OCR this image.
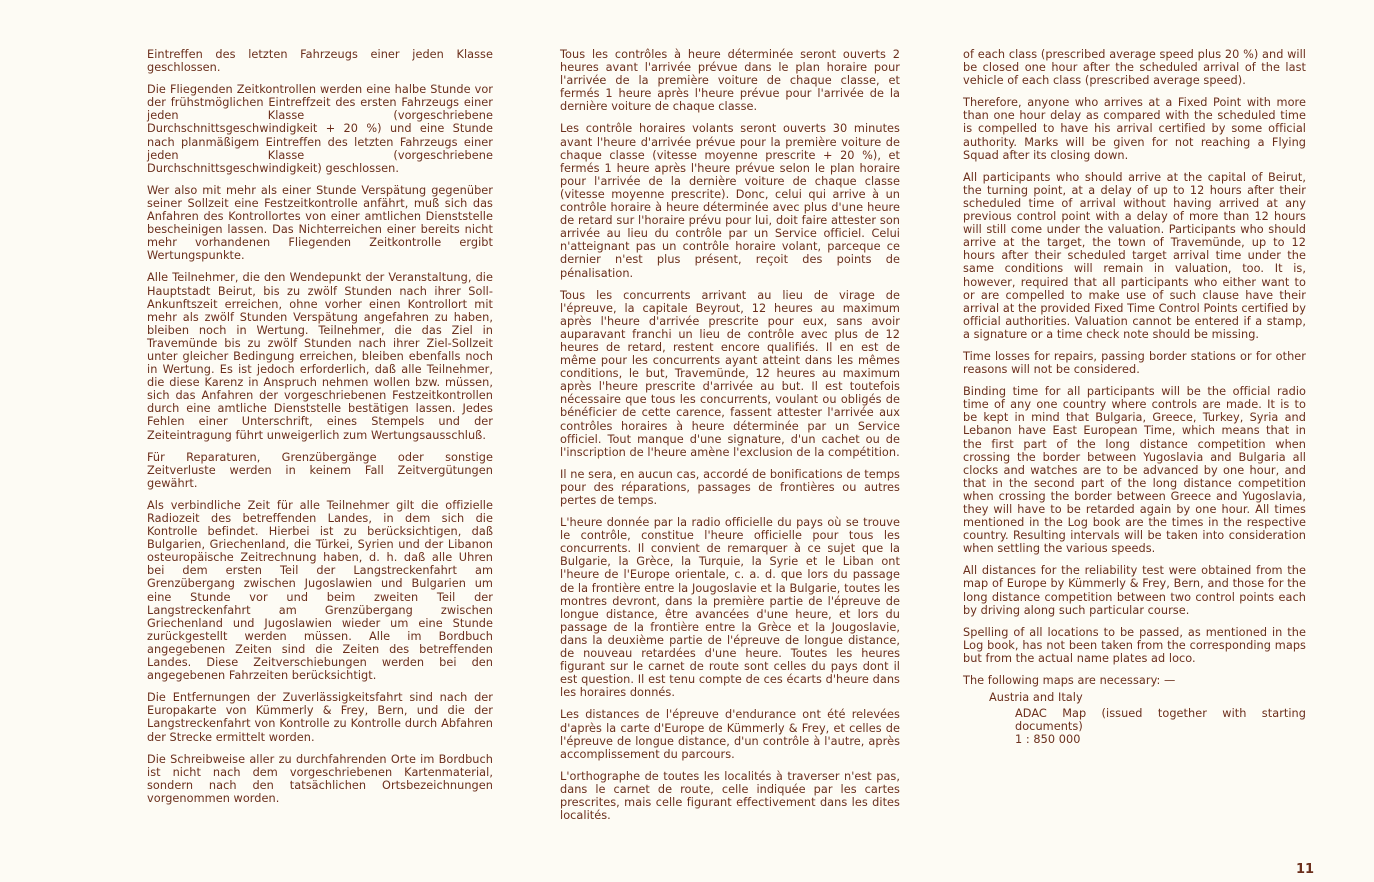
Eintreffen des letzten Fahrzeugs einer jeden Klasse geschlossen.

Die Fliegenden Zeitkontrollen werden eine halbe Stunde vor der frühstmöglichen Eintreffzeit des ersten Fahrzeugs einer jeden Klasse (vorgeschriebene Durchschnittsgeschwindigkeit + 20 %) und eine Stunde nach planmäßigem Eintreffen des letzten Fahrzeugs einer jeden Klasse (vorgeschriebene Durchschnittsgeschwindigkeit) geschlossen.

Wer also mit mehr als einer Stunde Verspätung gegenüber seiner Sollzeit eine Festzeitkontrolle anfährt, muß sich das Anfahren des Kontrollortes von einer amtlichen Dienststelle bescheinigen lassen. Das Nichterreichen einer bereits nicht mehr vorhandenen Fliegenden Zeitkontrolle ergibt Wertungspunkte.

Alle Teilnehmer, die den Wendepunkt der Veranstaltung, die Hauptstadt Beirut, bis zu zwölf Stunden nach ihrer Soll-Ankunftszeit erreichen, ohne vorher einen Kontrollort mit mehr als zwölf Stunden Verspätung angefahren zu haben, bleiben noch in Wertung. Teilnehmer, die das Ziel in Travemünde bis zu zwölf Stunden nach ihrer Ziel-Sollzeit unter gleicher Bedingung erreichen, bleiben ebenfalls noch in Wertung. Es ist jedoch erforderlich, daß alle Teilnehmer, die diese Karenz in Anspruch nehmen wollen bzw. müssen, sich das Anfahren der vorgeschriebenen Festzeitkontrollen durch eine amtliche Dienststelle bestätigen lassen. Jedes Fehlen einer Unterschrift, eines Stempels und der Zeiteintragung führt unweigerlich zum Wertungsausschluß.

Für Reparaturen, Grenzübergänge oder sonstige Zeitverluste werden in keinem Fall Zeitvergütungen gewährt.

Als verbindliche Zeit für alle Teilnehmer gilt die offizielle Radiozeit des betreffenden Landes, in dem sich die Kontrolle befindet. Hierbei ist zu berücksichtigen, daß Bulgarien, Griechenland, die Türkei, Syrien und der Libanon osteuropäische Zeitrechnung haben, d. h. daß alle Uhren bei dem ersten Teil der Langstreckenfahrt am Grenzübergang zwischen Jugoslawien und Bulgarien um eine Stunde vor und beim zweiten Teil der Langstreckenfahrt am Grenzübergang zwischen Griechenland und Jugoslawien wieder um eine Stunde zurückgestellt werden müssen. Alle im Bordbuch angegebenen Zeiten sind die Zeiten des betreffenden Landes. Diese Zeitverschiebungen werden bei den angegebenen Fahrzeiten berücksichtigt.

Die Entfernungen der Zuverlässigkeitsfahrt sind nach der Europakarte von Kümmerly & Frey, Bern, und die der Langstreckenfahrt von Kontrolle zu Kontrolle durch Abfahren der Strecke ermittelt worden.

Die Schreibweise aller zu durchfahrenden Orte im Bordbuch ist nicht nach dem vorgeschriebenen Kartenmaterial, sondern nach den tatsächlichen Ortsbezeichnungen vorgenommen worden.

Tous les contrôles à heure déterminée seront ouverts 2 heures avant l'arrivée prévue dans le plan horaire pour l'arrivée de la première voiture de chaque classe, et fermés 1 heure après l'heure prévue pour l'arrivée de la dernière voiture de chaque classe.

Les contrôle horaires volants seront ouverts 30 minutes avant l'heure d'arrivée prévue pour la première voiture de chaque classe (vitesse moyenne prescrite + 20 %), et fermés 1 heure après l'heure prévue selon le plan horaire pour l'arrivée de la dernière voiture de chaque classe (vitesse moyenne prescrite). Donc, celui qui arrive à un contrôle horaire à heure déterminée avec plus d'une heure de retard sur l'horaire prévu pour lui, doit faire attester son arrivée au lieu du contrôle par un Service officiel. Celui n'atteignant pas un contrôle horaire volant, parceque ce dernier n'est plus présent, reçoit des points de pénalisation.

Tous les concurrents arrivant au lieu de virage de l'épreuve, la capitale Beyrout, 12 heures au maximum après l'heure d'arrivée prescrite pour eux, sans avoir auparavant franchi un lieu de contrôle avec plus de 12 heures de retard, restent encore qualifiés. Il en est de même pour les concurrents ayant atteint dans les mêmes conditions, le but, Travemünde, 12 heures au maximum après l'heure prescrite d'arrivée au but. Il est toutefois nécessaire que tous les concurrents, voulant ou obligés de bénéficier de cette carence, fassent attester l'arrivée aux contrôles horaires à heure déterminée par un Service officiel. Tout manque d'une signature, d'un cachet ou de l'inscription de l'heure amène l'exclusion de la compétition.

Il ne sera, en aucun cas, accordé de bonifications de temps pour des réparations, passages de frontières ou autres pertes de temps.

L'heure donnée par la radio officielle du pays où se trouve le contrôle, constitue l'heure officielle pour tous les concurrents. Il convient de remarquer à ce sujet que la Bulgarie, la Grèce, la Turquie, la Syrie et le Liban ont l'heure de l'Europe orientale, c. a. d. que lors du passage de la frontière entre la Jougoslavie et la Bulgarie, toutes les montres devront, dans la première partie de l'épreuve de longue distance, être avancées d'une heure, et lors du passage de la frontière entre la Grèce et la Jougoslavie, dans la deuxième partie de l'épreuve de longue distance, de nouveau retardées d'une heure. Toutes les heures figurant sur le carnet de route sont celles du pays dont il est question. Il est tenu compte de ces écarts d'heure dans les horaires donnés.

Les distances de l'épreuve d'endurance ont été relevées d'après la carte d'Europe de Kümmerly & Frey, et celles de l'épreuve de longue distance, d'un contrôle à l'autre, après accomplissement du parcours.

L'orthographe de toutes les localités à traverser n'est pas, dans le carnet de route, celle indiquée par les cartes prescrites, mais celle figurant effectivement dans les dites localités.

of each class (prescribed average speed plus 20 %) and will be closed one hour after the scheduled arrival of the last vehicle of each class (prescribed average speed).

Therefore, anyone who arrives at a Fixed Point with more than one hour delay as compared with the scheduled time is compelled to have his arrival certified by some official authority. Marks will be given for not reaching a Flying Squad after its closing down.

All participants who should arrive at the capital of Beirut, the turning point, at a delay of up to 12 hours after their scheduled time of arrival without having arrived at any previous control point with a delay of more than 12 hours will still come under the valuation. Participants who should arrive at the target, the town of Travemünde, up to 12 hours after their scheduled target arrival time under the same conditions will remain in valuation, too. It is, however, required that all participants who either want to or are compelled to make use of such clause have their arrival at the provided Fixed Time Control Points certified by official authorities. Valuation cannot be entered if a stamp, a signature or a time check note should be missing.

Time losses for repairs, passing border stations or for other reasons will not be considered.

Binding time for all participants will be the official radio time of any one country where controls are made. It is to be kept in mind that Bulgaria, Greece, Turkey, Syria and Lebanon have East European Time, which means that in the first part of the long distance competition when crossing the border between Yugoslavia and Bulgaria all clocks and watches are to be advanced by one hour, and that in the second part of the long distance competition when crossing the border between Greece and Yugoslavia, they will have to be retarded again by one hour. All times mentioned in the Log book are the times in the respective country. Resulting intervals will be taken into consideration when settling the various speeds.

All distances for the reliability test were obtained from the map of Europe by Kümmerly & Frey, Bern, and those for the long distance competition between two control points each by driving along such particular course.

Spelling of all locations to be passed, as mentioned in the Log book, has not been taken from the corresponding maps but from the actual name plates ad loco.

The following maps are necessary: —

Austria and Italy

ADAC Map (issued together with starting documents)

1 : 850 000

11
